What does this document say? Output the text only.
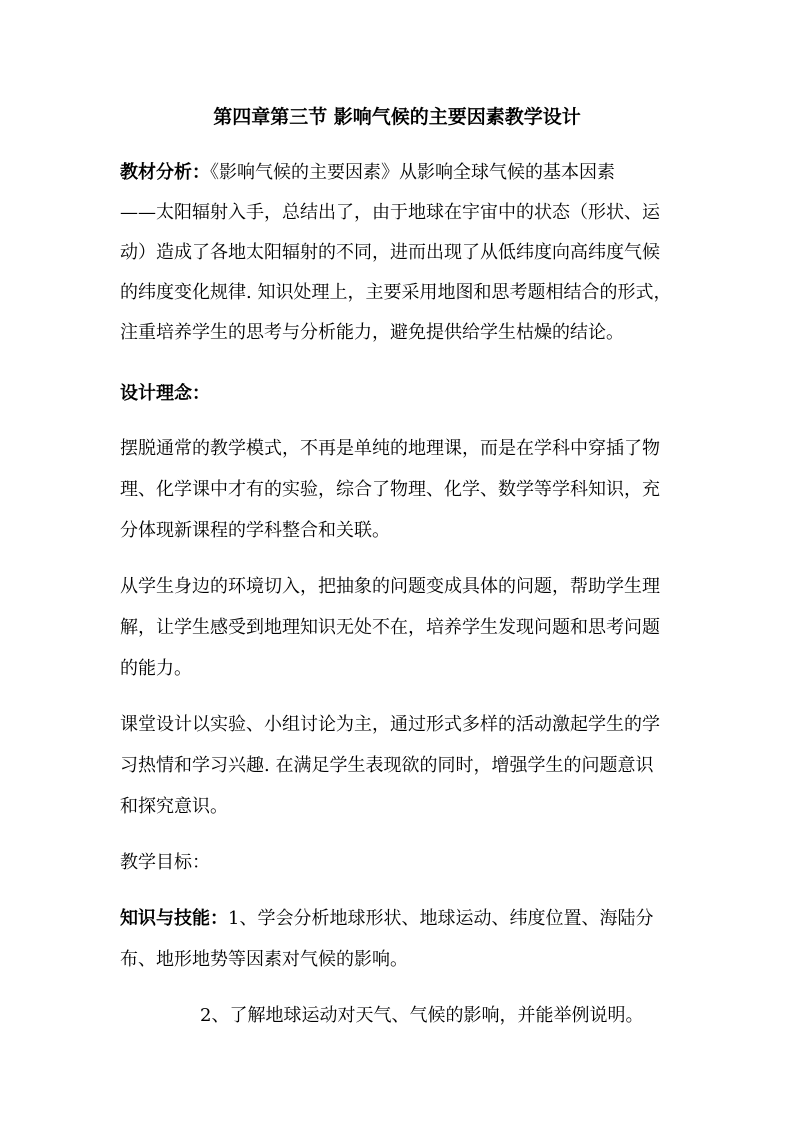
第四章第三节 影响气候的主要因素教学设计
教材分析：《影响气候的主要因素》从影响全球气候的基本因素
——太阳辐射入手，总结出了，由于地球在宇宙中的状态（形状、运
动）造成了各地太阳辐射的不同，进而出现了从低纬度向高纬度气候
的纬度变化规律. 知识处理上，主要采用地图和思考题相结合的形式，
注重培养学生的思考与分析能力，避免提供给学生枯燥的结论。
设计理念：
摆脱通常的教学模式，不再是单纯的地理课，而是在学科中穿插了物
理、化学课中才有的实验，综合了物理、化学、数学等学科知识，充
分体现新课程的学科整合和关联。
从学生身边的环境切入，把抽象的问题变成具体的问题，帮助学生理
解，让学生感受到地理知识无处不在，培养学生发现问题和思考问题
的能力。
课堂设计以实验、小组讨论为主，通过形式多样的活动激起学生的学
习热情和学习兴趣. 在满足学生表现欲的同时，增强学生的问题意识
和探究意识。
教学目标：
知识与技能：1、学会分析地球形状、地球运动、纬度位置、海陆分
布、地形地势等因素对气候的影响。
2、了解地球运动对天气、气候的影响，并能举例说明。
